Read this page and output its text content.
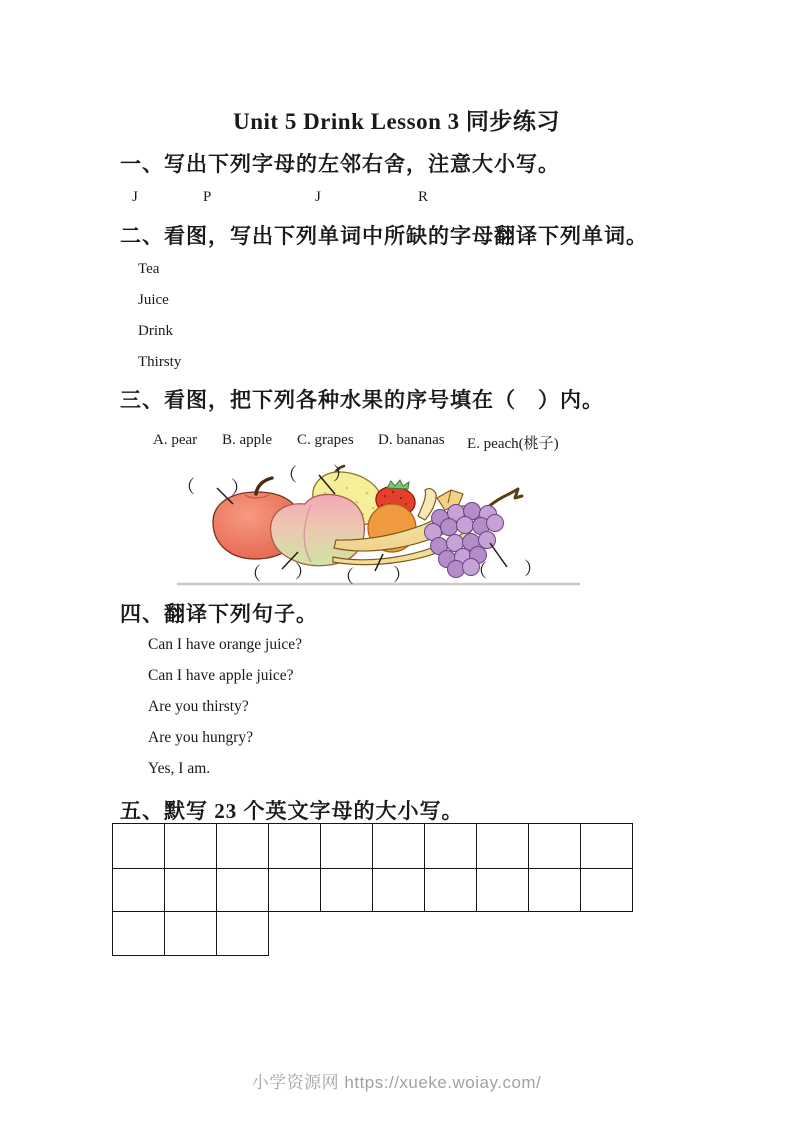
Unit 5 Drink Lesson 3 同步练习
一、写出下列字母的左邻右舍，注意大小写。
J	P	J	R
二、看图，写出下列单词中所缺的字母翻译下列单词。
Tea
Juice
Drink
Thirsty
三、看图，把下列各种水果的序号填在（　）内。
A. pear B. apple C. grapes D. bananas E. peach(桃子)
（ ）
（ ）
（ ） （ ）	（ ）
四、翻译下列句子。
Can I have orange juice?
Can I have apple juice?
Are you thirsty?
Are you hungry?
Yes, I am.
五、默写 23 个英文字母的大小写。

小学资源网 https://xueke.woiay.com/
